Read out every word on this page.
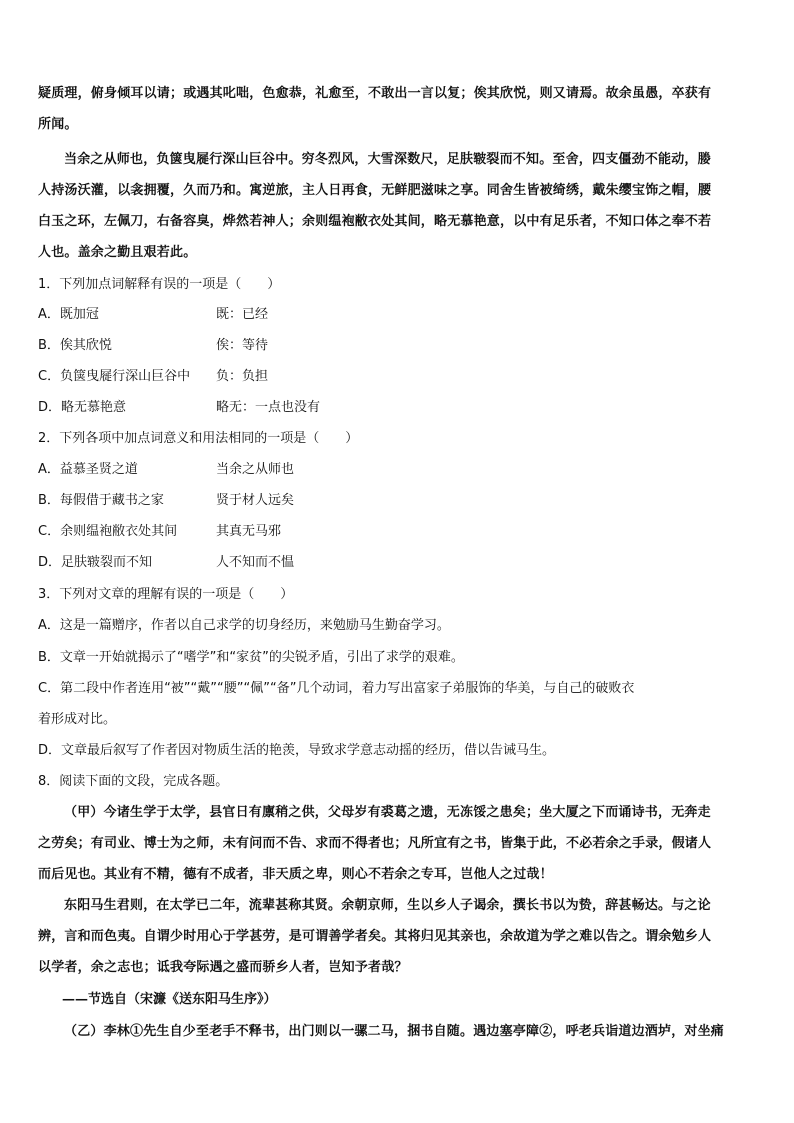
疑质理，俯身倾耳以请；或遇其叱咄，色愈恭，礼愈至，不敢出一言以复；俟其欣悦，则又请焉。故余虽愚，卒获有
所闻。
当余之从师也，负箧曳屣行深山巨谷中。穷冬烈风，大雪深数尺，足肤皲裂而不知。至舍，四支僵劲不能动，媵
人持汤沃灌，以衾拥覆，久而乃和。寓逆旅，主人日再食，无鲜肥滋味之享。同舍生皆被绮绣，戴朱缨宝饰之帽，腰
白玉之环，左佩刀，右备容臭，烨然若神人；余则缊袍敝衣处其间，略无慕艳意，以中有足乐者，不知口体之奉不若
人也。盖余之勤且艰若此。
1．下列加点词解释有误的一项是（　　）
A．既加冠	既：已经
B．俟其欣悦	俟：等待
C．负箧曳屣行深山巨谷中 负：负担
D．略无慕艳意	略无：一点也没有
2．下列各项中加点词意义和用法相同的一项是（　　）
A．益慕圣贤之道	当余之从师也
B．每假借于藏书之家	贤于材人远矣
C．余则缊袍敝衣处其间	其真无马邪
D．足肤皲裂而不知	人不知而不愠
3．下列对文章的理解有误的一项是（　　）
A．这是一篇赠序，作者以自己求学的切身经历，来勉励马生勤奋学习。
B．文章一开始就揭示了“嗜学”和“家贫”的尖锐矛盾，引出了求学的艰难。
C．第二段中作者连用“被”“戴”“腰”“佩”“备”几个动词，着力写出富家子弟服饰的华美，与自己的破败衣
着形成对比。
D．文章最后叙写了作者因对物质生活的艳羡，导致求学意志动摇的经历，借以告诫马生。
8．阅读下面的文段，完成各题。
（甲）今诸生学于太学，县官日有廪稍之供，父母岁有裘葛之遗，无冻馁之患矣；坐大厦之下而诵诗书，无奔走
之劳矣；有司业、博士为之师，未有问而不告、求而不得者也；凡所宜有之书，皆集于此，不必若余之手录，假诸人
而后见也。其业有不精，德有不成者，非天质之卑，则心不若余之专耳，岂他人之过哉！
东阳马生君则，在太学已二年，流辈甚称其贤。余朝京师，生以乡人子谒余，撰长书以为贽，辞甚畅达。与之论
辨，言和而色夷。自谓少时用心于学甚劳，是可谓善学者矣。其将归见其亲也，余故道为学之难以告之。谓余勉乡人
以学者，余之志也；诋我夸际遇之盛而骄乡人者，岂知予者哉？
——节选自（宋濂《送东阳马生序》）
（乙）李林①先生自少至老手不释书，出门则以一骡二马，捆书自随。遇边塞亭障②，呼老兵诣道边酒垆，对坐痛
